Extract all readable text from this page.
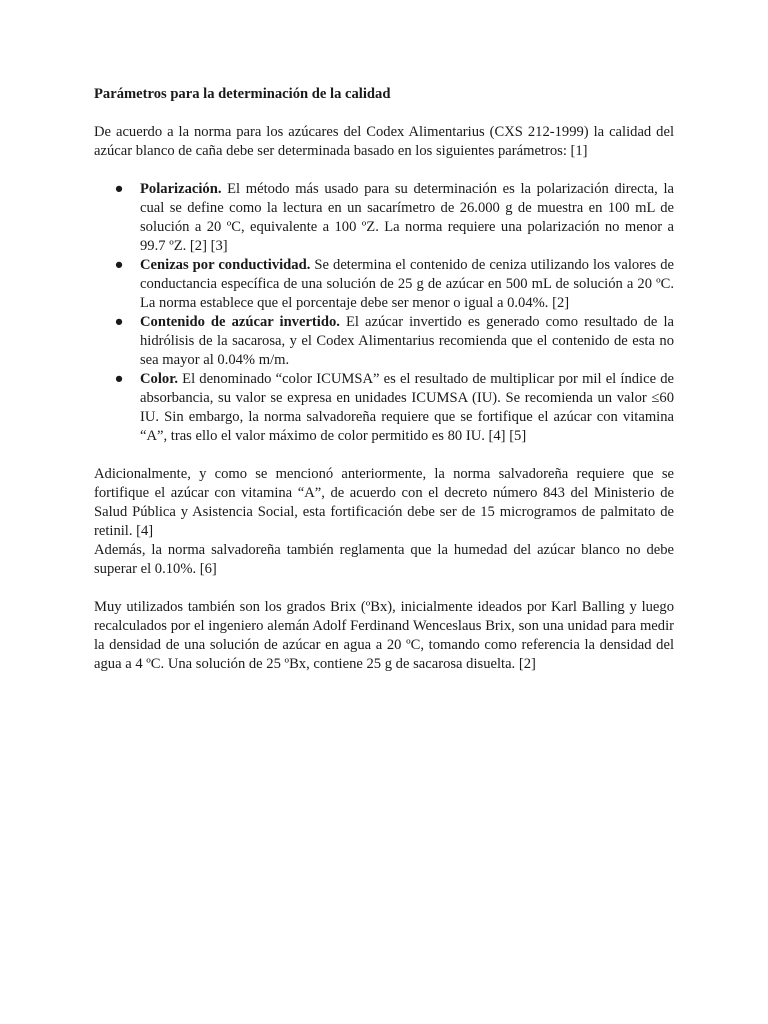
Parámetros para la determinación de la calidad

De acuerdo a la norma para los azúcares del Codex Alimentarius (CXS 212-1999) la calidad del azúcar blanco de caña debe ser determinada basado en los siguientes parámetros: [1]

● Polarización. El método más usado para su determinación es la polarización directa, la cual se define como la lectura en un sacarímetro de 26.000 g de muestra en 100 mL de solución a 20 ºC, equivalente a 100 ºZ. La norma requiere una polarización no menor a 99.7 ºZ. [2] [3]
● Cenizas por conductividad. Se determina el contenido de ceniza utilizando los valores de conductancia específica de una solución de 25 g de azúcar en 500 mL de solución a 20 ºC. La norma establece que el porcentaje debe ser menor o igual a 0.04%. [2]
● Contenido de azúcar invertido. El azúcar invertido es generado como resultado de la hidrólisis de la sacarosa, y el Codex Alimentarius recomienda que el contenido de esta no sea mayor al 0.04% m/m.
● Color. El denominado “color ICUMSA” es el resultado de multiplicar por mil el índice de absorbancia, su valor se expresa en unidades ICUMSA (IU). Se recomienda un valor ≤60 IU. Sin embargo, la norma salvadoreña requiere que se fortifique el azúcar con vitamina “A”, tras ello el valor máximo de color permitido es 80 IU. [4] [5]

Adicionalmente, y como se mencionó anteriormente, la norma salvadoreña requiere que se fortifique el azúcar con vitamina “A”, de acuerdo con el decreto número 843 del Ministerio de Salud Pública y Asistencia Social, esta fortificación debe ser de 15 microgramos de palmitato de retinil. [4]

Además, la norma salvadoreña también reglamenta que la humedad del azúcar blanco no debe superar el 0.10%. [6]

Muy utilizados también son los grados Brix (ºBx), inicialmente ideados por Karl Balling y luego recalculados por el ingeniero alemán Adolf Ferdinand Wenceslaus Brix, son una unidad para medir la densidad de una solución de azúcar en agua a 20 ºC, tomando como referencia la densidad del agua a 4 ºC. Una solución de 25 ºBx, contiene 25 g de sacarosa disuelta. [2]
